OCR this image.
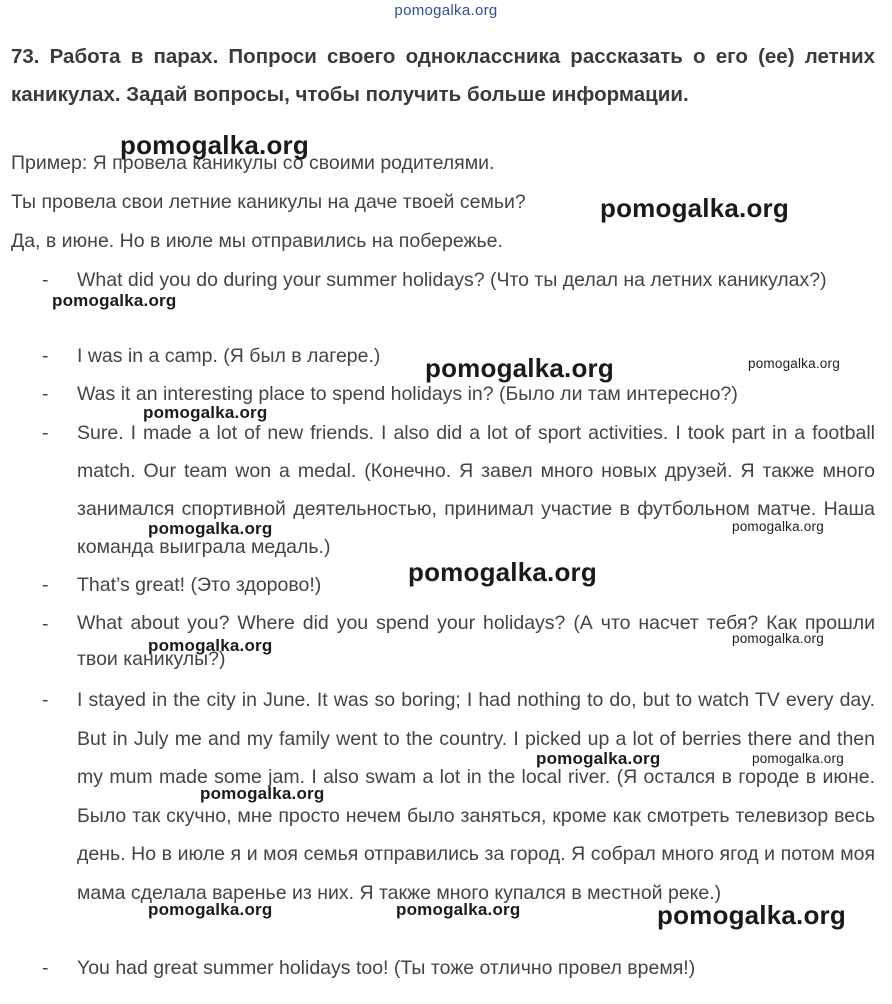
pomogalka.org

73. Работа в парах. Попроси своего одноклассника рассказать о его (ее) летних каникулах. Задай вопросы, чтобы получить больше информации.

Пример: Я провела каникулы со своими родителями.

Ты провела свои летние каникулы на даче твоей семьи?

Да, в июне. Но в июле мы отправились на побережье.

- What did you do during your summer holidays? (Что ты делал на летних каникулах?)

- I was in a camp. (Я был в лагере.)

- Was it an interesting place to spend holidays in? (Было ли там интересно?)

- Sure. I made a lot of new friends. I also did a lot of sport activities. I took part in a football match. Our team won a medal. (Конечно. Я завел много новых друзей. Я также много занимался спортивной деятельностью, принимал участие в футбольном матче. Наша команда выиграла медаль.)

- That’s great! (Это здорово!)

- What about you? Where did you spend your holidays? (А что насчет тебя? Как прошли твои каникулы?)

- I stayed in the city in June. It was so boring; I had nothing to do, but to watch TV every day. But in July me and my family went to the country. I picked up a lot of berries there and then my mum made some jam. I also swam a lot in the local river. (Я остался в городе в июне. Было так скучно, мне просто нечем было заняться, кроме как смотреть телевизор весь день. Но в июле я и моя семья отправились за город. Я собрал много ягод и потом моя мама сделала варенье из них. Я также много купался в местной реке.)

- You had great summer holidays too! (Ты тоже отлично провел время!)

pomogalka.org
pomogalka.org
pomogalka.org
pomogalka.org	pomogalka.org
pomogalka.org
pomogalka.org	pomogalka.org
pomogalka.org
pomogalka.org	pomogalka.org
pomogalka.org	pomogalka.org
pomogalka.org
pomogalka.org	pomogalka.org	pomogalka.org
